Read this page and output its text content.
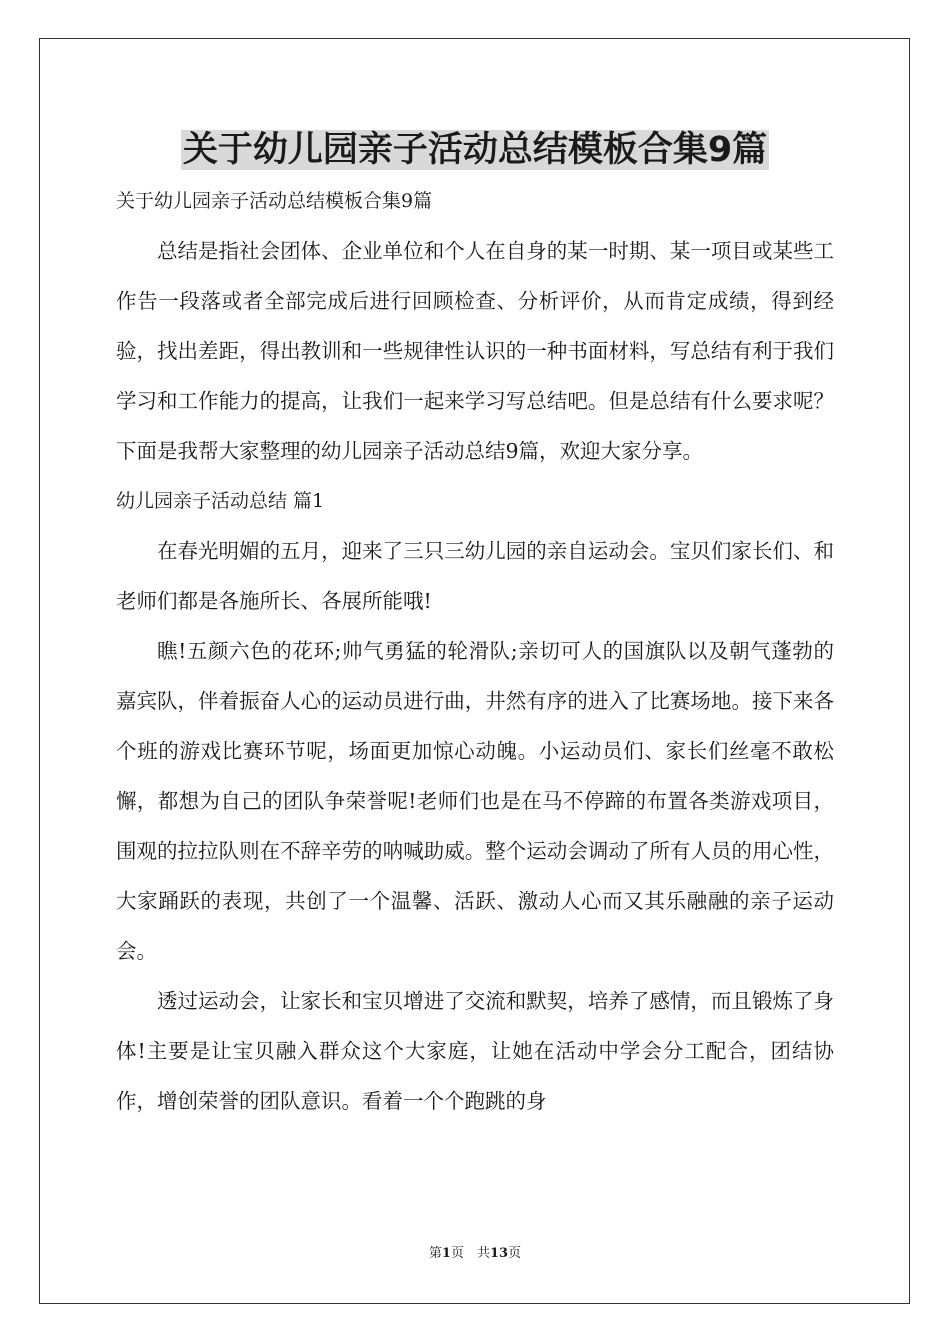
关于幼儿园亲子活动总结模板合集9篇

关于幼儿园亲子活动总结模板合集9篇

总结是指社会团体、企业单位和个人在自身的某一时期、某一项目或某些工作告一段落或者全部完成后进行回顾检查、分析评价，从而肯定成绩，得到经验，找出差距，得出教训和一些规律性认识的一种书面材料，写总结有利于我们学习和工作能力的提高，让我们一起来学习写总结吧。但是总结有什么要求呢？下面是我帮大家整理的幼儿园亲子活动总结9篇，欢迎大家分享。

幼儿园亲子活动总结 篇1

在春光明媚的五月，迎来了三只三幼儿园的亲自运动会。宝贝们家长们、和老师们都是各施所长、各展所能哦!

瞧!五颜六色的花环;帅气勇猛的轮滑队;亲切可人的国旗队以及朝气蓬勃的嘉宾队，伴着振奋人心的运动员进行曲，井然有序的进入了比赛场地。接下来各个班的游戏比赛环节呢，场面更加惊心动魄。小运动员们、家长们丝毫不敢松懈，都想为自己的团队争荣誉呢!老师们也是在马不停蹄的布置各类游戏项目，围观的拉拉队则在不辞辛劳的呐喊助威。整个运动会调动了所有人员的用心性，大家踊跃的表现，共创了一个温馨、活跃、激动人心而又其乐融融的亲子运动会。

透过运动会，让家长和宝贝增进了交流和默契，培养了感情，而且锻炼了身体!主要是让宝贝融入群众这个大家庭，让她在活动中学会分工配合，团结协作，增创荣誉的团队意识。看着一个个跑跳的身

第1页　共13页
